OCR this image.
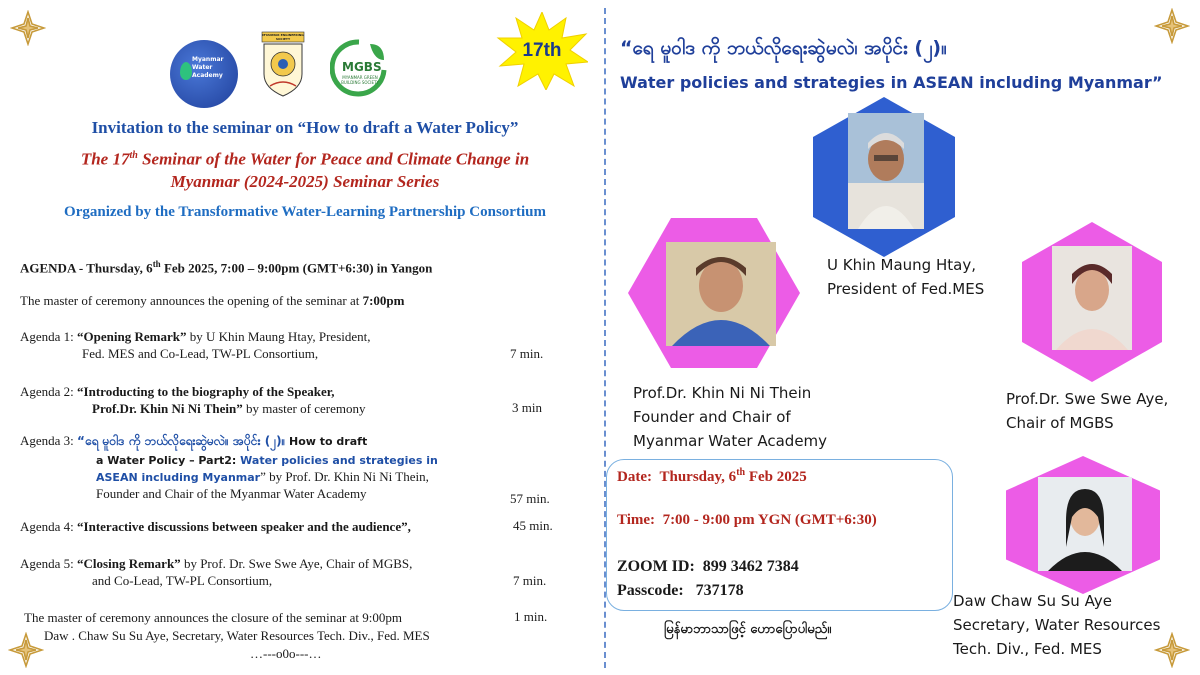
Myanmar Water Academy
MYANMAR ENGINEERING SOCIETY
MGBS
MYANMAR GREEN BUILDING SOCIETY
17th
Invitation to the seminar on “How to draft a Water Policy”
The 17th Seminar of the Water for Peace and Climate Change in
Myanmar (2024-2025) Seminar Series
Organized by the Transformative Water-Learning Partnership Consortium
AGENDA - Thursday, 6th Feb 2025, 7:00 – 9:00pm (GMT+6:30) in Yangon
The master of ceremony announces the opening of the seminar at 7:00pm
Agenda 1: “Opening Remark” by U Khin Maung Htay, President,
Fed. MES and Co-Lead, TW-PL Consortium,	7 min.
Agenda 2: “Introducting to the biography of the Speaker,
Prof.Dr. Khin Ni Ni Thein” by master of ceremony	3 min
Agenda 3: “ရေ မူဝါဒ ကို ဘယ်လိုရေးဆွဲမလဲ။ အပိုင်း (၂)။ How to draft
a Water Policy – Part2: Water policies and strategies in
ASEAN including Myanmar” by Prof. Dr. Khin Ni Ni Thein,
Founder and Chair of the Myanmar Water Academy	57 min.
Agenda 4: “Interactive discussions between speaker and the audience”,	45 min.
Agenda 5: “Closing Remark” by Prof. Dr. Swe Swe Aye, Chair of MGBS,
and Co-Lead, TW-PL Consortium,	7 min.
The master of ceremony announces the closure of the seminar at 9:00pm	1 min.
Daw . Chaw Su Su Aye, Secretary, Water Resources Tech. Div., Fed. MES
…---o0o---…
“ရေ မူဝါဒ ကို ဘယ်လိုရေးဆွဲမလဲ၊ အပိုင်း (၂)။
Water policies and strategies in ASEAN including Myanmar”
U Khin Maung Htay,
President of Fed.MES
Prof.Dr. Khin Ni Ni Thein
Founder and Chair of
Myanmar Water Academy
Prof.Dr. Swe Swe Aye,
Chair of MGBS
Date: Thursday, 6th Feb 2025
Time: 7:00 - 9:00 pm YGN (GMT+6:30)
ZOOM ID: 899 3462 7384
Passcode: 737178
မြန်မာဘာသာဖြင့် ဟောပြောပါမည်။
Daw Chaw Su Su Aye
Secretary, Water Resources
Tech. Div., Fed. MES
